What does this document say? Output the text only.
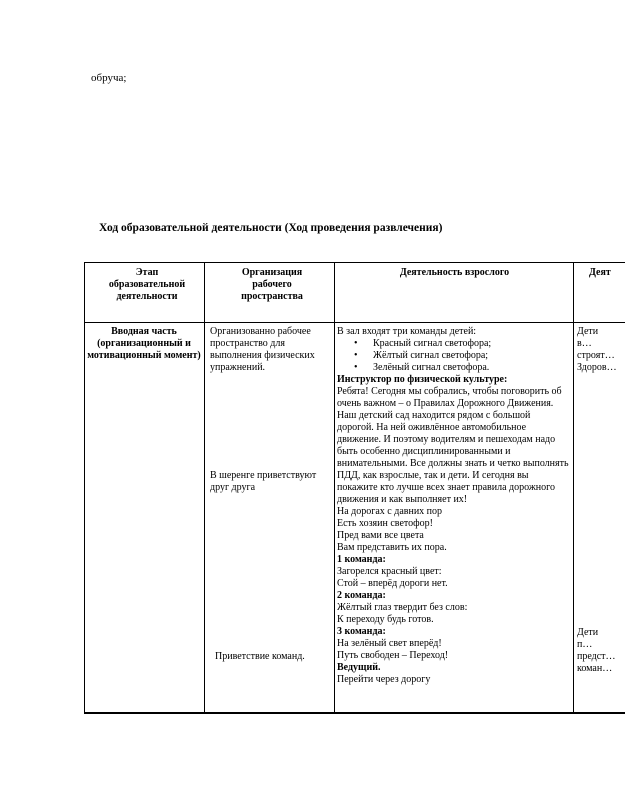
обруча;
Ход образовательной деятельности (Ход проведения развлечения)
Этап образовательной деятельности
Организация рабочего пространства
Деятельность взрослого	Деят
Вводная часть (организационный и мотивационный момент)
Организованно рабочее пространство для выполнения физических упражнений.
В шеренге приветствуют друг друга
Приветствие команд.

В зал входят три команды детей:

• Красный сигнал светофора;
• Жёлтый сигнал светофора;
• Зелёный сигнал светофора.

Инструктор по физической культуре:

Ребята! Сегодня мы собрались, чтобы поговорить об очень важном – о Правилах Дорожного Движения. Наш детский сад находится рядом с большой дорогой. На ней оживлённое автомобильное движение. И поэтому водителям и пешеходам надо быть особенно дисциплинированными и внимательными. Все должны знать и четко выполнять ПДД, как взрослые, так и дети. И сегодня вы покажите кто лучше всех знает правила дорожного движения и как выполняет их!

На дорогах с давних пор

Есть хозяин светофор!

Пред вами все цвета

Вам представить их пора.

1 команда:

Загорелся красный цвет:

Стой – вперёд дороги нет.

2 команда:

Жёлтый глаз твердит без слов:

К переходу будь готов.

3 команда:

На зелёный свет вперёд!

Путь свободен – Переход!

Ведущий.

Перейти через дорогу

Дети в… строят… Здоров…
Дети п… предст… коман…
